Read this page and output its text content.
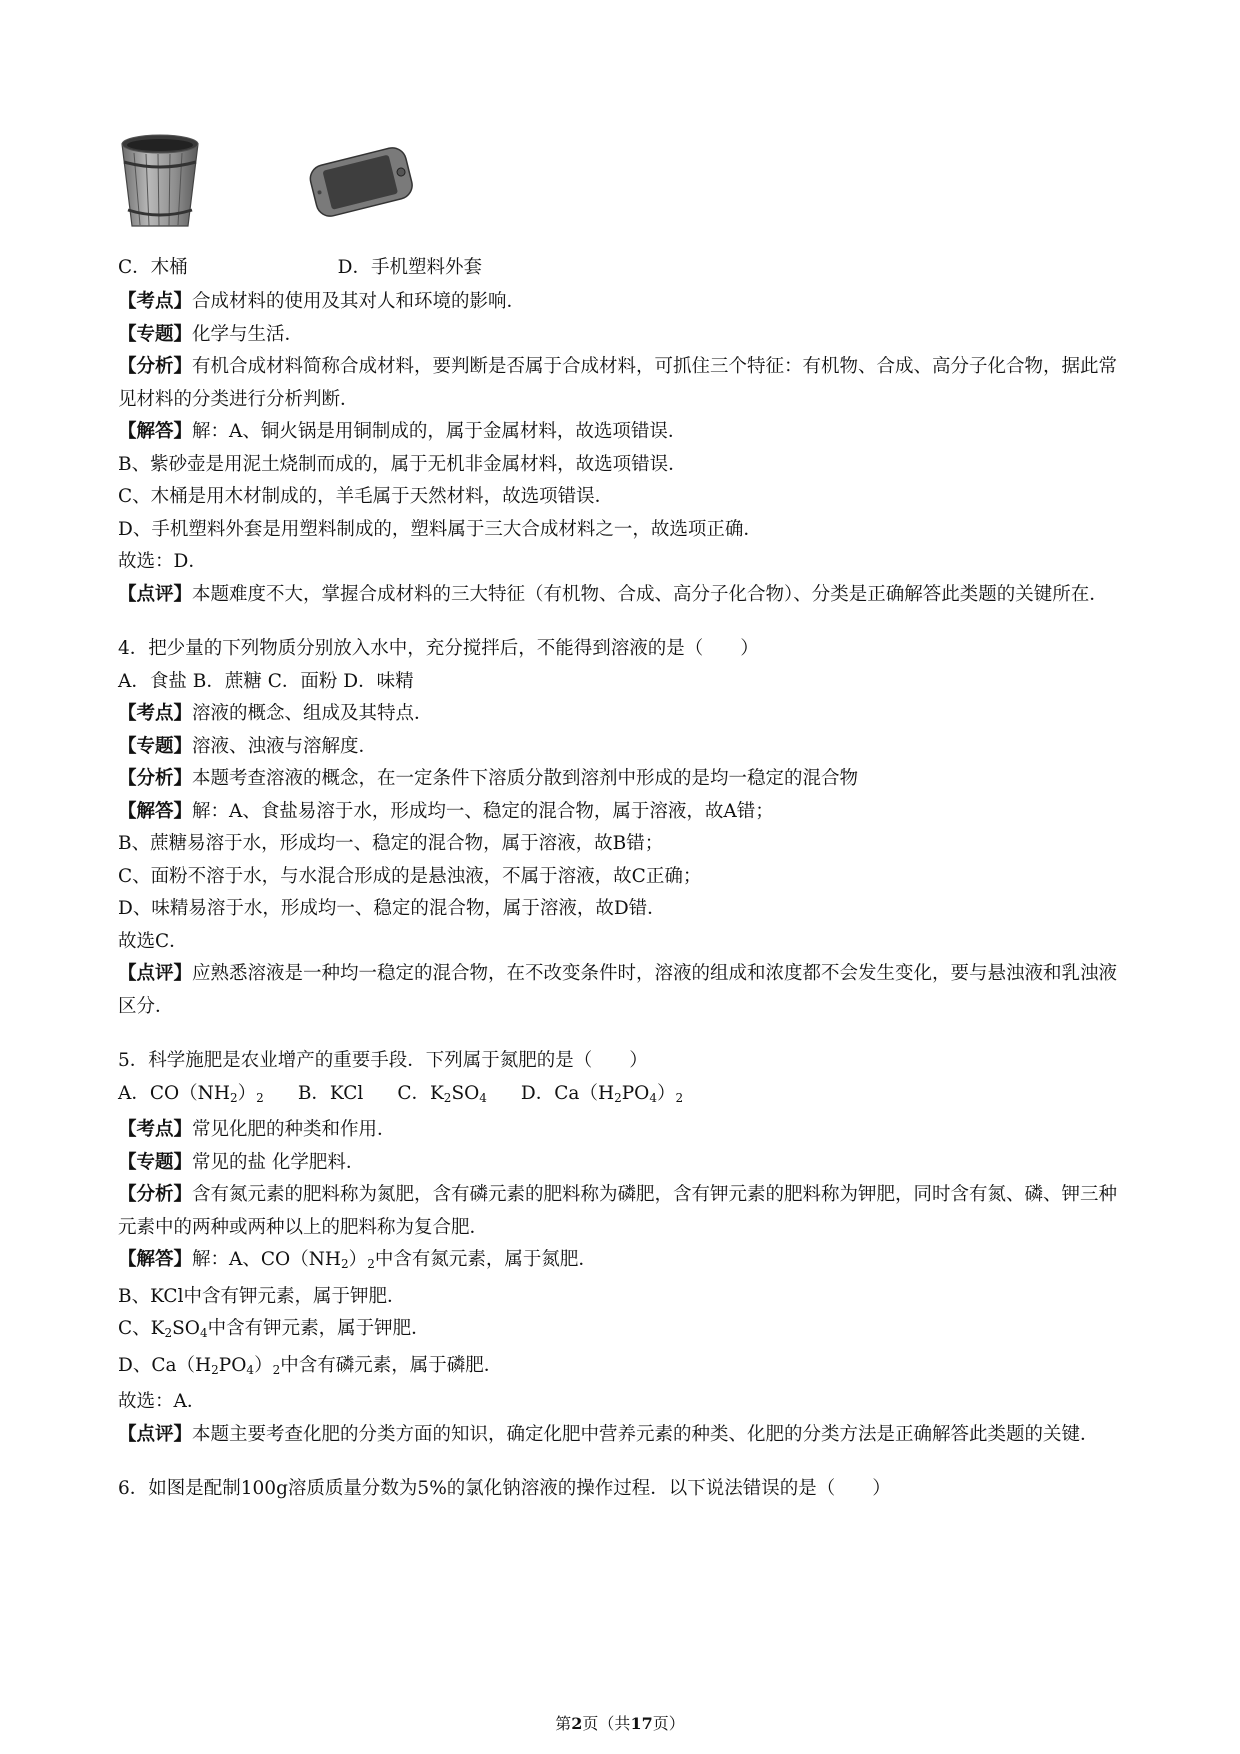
C．木桶	D．手机塑料外套
【考点】合成材料的使用及其对人和环境的影响．
【专题】化学与生活．
【分析】有机合成材料简称合成材料，要判断是否属于合成材料，可抓住三个特征：有机物、合成、高分子化合物，据此常见材料的分类进行分析判断．
【解答】解：A、铜火锅是用铜制成的，属于金属材料，故选项错误．
B、紫砂壶是用泥土烧制而成的，属于无机非金属材料，故选项错误．
C、木桶是用木材制成的，羊毛属于天然材料，故选项错误．
D、手机塑料外套是用塑料制成的，塑料属于三大合成材料之一，故选项正确．
故选：D．
【点评】本题难度不大，掌握合成材料的三大特征（有机物、合成、高分子化合物）、分类是正确解答此类题的关键所在．
4．把少量的下列物质分别放入水中，充分搅拌后，不能得到溶液的是（　　）
A．食盐 B．蔗糖 C．面粉 D．味精
【考点】溶液的概念、组成及其特点．
【专题】溶液、浊液与溶解度．
【分析】本题考查溶液的概念，在一定条件下溶质分散到溶剂中形成的是均一稳定的混合物
【解答】解：A、食盐易溶于水，形成均一、稳定的混合物，属于溶液，故A错；
B、蔗糖易溶于水，形成均一、稳定的混合物，属于溶液，故B错；
C、面粉不溶于水，与水混合形成的是悬浊液，不属于溶液，故C正确；
D、味精易溶于水，形成均一、稳定的混合物，属于溶液，故D错．
故选C．
【点评】应熟悉溶液是一种均一稳定的混合物，在不改变条件时，溶液的组成和浓度都不会发生变化，要与悬浊液和乳浊液区分．
5．科学施肥是农业增产的重要手段．下列属于氮肥的是（　　）
A．$CO(NH_2)_2$ B．KCl C．$K_2SO_4$ D．$Ca(H_2PO_4)_2$
【考点】常见化肥的种类和作用．
【专题】常见的盐 化学肥料．
【分析】含有氮元素的肥料称为氮肥，含有磷元素的肥料称为磷肥，含有钾元素的肥料称为钾肥，同时含有氮、磷、钾三种元素中的两种或两种以上的肥料称为复合肥．
【解答】解：A、$CO(NH_2)_2$中含有氮元素，属于氮肥．
B、KCl中含有钾元素，属于钾肥．
C、$K_2SO_4$中含有钾元素，属于钾肥．
D、$Ca(H_2PO_4)_2$中含有磷元素，属于磷肥．
故选：A．
【点评】本题主要考查化肥的分类方面的知识，确定化肥中营养元素的种类、化肥的分类方法是正确解答此类题的关键．
6．如图是配制100g溶质质量分数为5%的氯化钠溶液的操作过程．以下说法错误的是（　　）
第2页（共17页）
